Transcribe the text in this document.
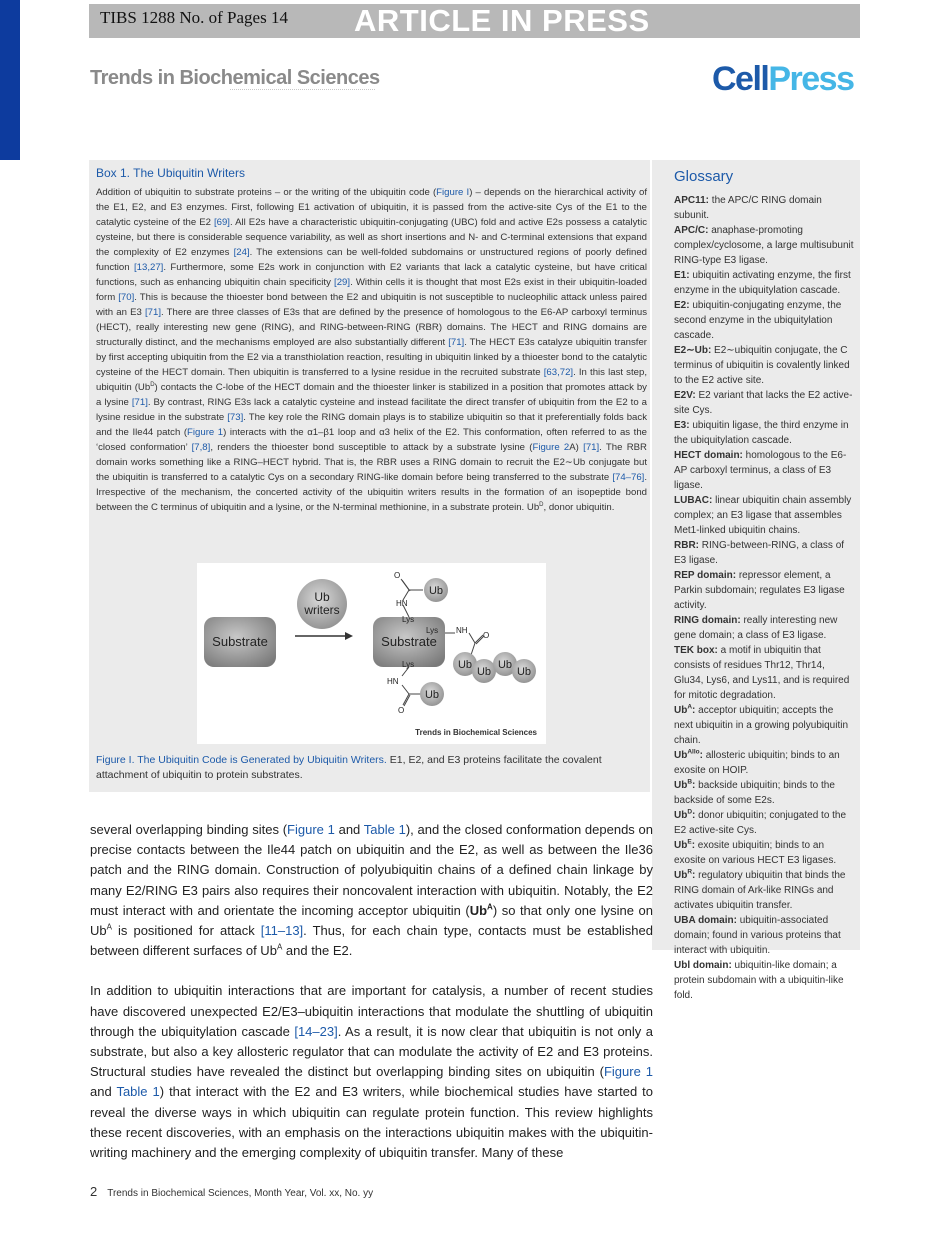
TIBS 1288 No. of Pages 14 ARTICLE IN PRESS
Trends in Biochemical Sciences	CellPress
Box 1. The Ubiquitin Writers
Addition of ubiquitin to substrate proteins – or the writing of the ubiquitin code (Figure I) – depends on the hierarchical activity of the E1, E2, and E3 enzymes. First, following E1 activation of ubiquitin, it is passed from the active-site Cys of the E1 to the catalytic cysteine of the E2 [69]. All E2s have a characteristic ubiquitin-conjugating (UBC) fold and active E2s possess a catalytic cysteine, but there is considerable sequence variability, as well as short insertions and N- and C-terminal extensions that expand the complexity of E2 enzymes [24]. The extensions can be well-folded subdomains or unstructured regions of poorly defined function [13,27]. Furthermore, some E2s work in conjunction with E2 variants that lack a catalytic cysteine, but have critical functions, such as enhancing ubiquitin chain specificity [29]. Within cells it is thought that most E2s exist in their ubiquitin-loaded form [70]. This is because the thioester bond between the E2 and ubiquitin is not susceptible to nucleophilic attack unless paired with an E3 [71]. There are three classes of E3s that are defined by the presence of homologous to the E6-AP carboxyl terminus (HECT), really interesting new gene (RING), and RING-between-RING (RBR) domains. The HECT and RING domains are structurally distinct, and the mechanisms employed are also substantially different [71]. The HECT E3s catalyze ubiquitin transfer by first accepting ubiquitin from the E2 via a transthiolation reaction, resulting in ubiquitin linked by a thioester bond to the catalytic cysteine of the HECT domain. Then ubiquitin is transferred to a lysine residue in the recruited substrate [63,72]. In this last step, ubiquitin $(Ub^D)$ contacts the C-lobe of the HECT domain and the thioester linker is stabilized in a position that promotes attack by a lysine [71]. By contrast, RING E3s lack a catalytic cysteine and instead facilitate the direct transfer of ubiquitin from the E2 to a lysine residue in the substrate [73]. The key role the RING domain plays is to stabilize ubiquitin so that it preferentially folds back and the Ile44 patch (Figure 1) interacts with the α1–β1 loop and α3 helix of the E2. This conformation, often referred to as the ‘closed conformation’ [7,8], renders the thioester bond susceptible to attack by a substrate lysine (Figure 2A) [71]. The RBR domain works something like a RING–HECT hybrid. That is, the RBR uses a RING domain to recruit the E2∼Ub conjugate but the ubiquitin is transferred to a catalytic Cys on a secondary RING-like domain before being transferred to the substrate [74–76]. Irrespective of the mechanism, the concerted activity of the ubiquitin writers results in the formation of an isopeptide bond between the C terminus of ubiquitin and a lysine, or the N-terminal methionine, in a substrate protein. $Ub^D$, donor ubiquitin.
Substrate
Ub
writers
Substrate
O
HN
Lys
Lys NH
O
Lys
HN
O
Ub
Ub
Ub
Ub
Ub
Ub
Trends in Biochemical Sciences
Figure I. The Ubiquitin Code is Generated by Ubiquitin Writers. E1, E2, and E3 proteins facilitate the covalent attachment of ubiquitin to protein substrates.
Glossary
APC11: the APC/C RING domain subunit.
APC/C: anaphase-promoting complex/cyclosome, a large multisubunit RING-type E3 ligase.
E1: ubiquitin activating enzyme, the first enzyme in the ubiquitylation cascade.
E2: ubiquitin-conjugating enzyme, the second enzyme in the ubiquitylation cascade.
E2∼Ub: E2∼ubiquitin conjugate, the C terminus of ubiquitin is covalently linked to the E2 active site.
E2V: E2 variant that lacks the E2 active-site Cys.
E3: ubiquitin ligase, the third enzyme in the ubiquitylation cascade.
HECT domain: homologous to the E6-AP carboxyl terminus, a class of E3 ligase.
LUBAC: linear ubiquitin chain assembly complex; an E3 ligase that assembles Met1-linked ubiquitin chains.
RBR: RING-between-RING, a class of E3 ligase.
REP domain: repressor element, a Parkin subdomain; regulates E3 ligase activity.
RING domain: really interesting new gene domain; a class of E3 ligase.
TEK box: a motif in ubiquitin that consists of residues Thr12, Thr14, Glu34, Lys6, and Lys11, and is required for mitotic degradation.
$Ub^A$: acceptor ubiquitin; accepts the next ubiquitin in a growing polyubiquitin chain.
$Ub^{Allo}$: allosteric ubiquitin; binds to an exosite on HOIP.
$Ub^B$: backside ubiquitin; binds to the backside of some E2s.
$Ub^D$: donor ubiquitin; conjugated to the E2 active-site Cys.
$Ub^E$: exosite ubiquitin; binds to an exosite on various HECT E3 ligases.
$Ub^R$: regulatory ubiquitin that binds the RING domain of Ark-like RINGs and activates ubiquitin transfer.
UBA domain: ubiquitin-associated domain; found in various proteins that interact with ubiquitin.
Ubl domain: ubiquitin-like domain; a protein subdomain with a ubiquitin-like fold.

several overlapping binding sites (Figure 1 and Table 1), and the closed conformation depends on precise contacts between the Ile44 patch on ubiquitin and the E2, as well as between the Ile36 patch and the RING domain. Construction of polyubiquitin chains of a defined chain linkage by many E2/RING E3 pairs also requires their noncovalent interaction with ubiquitin. Notably, the E2 must interact with and orientate the incoming acceptor ubiquitin $(Ub^A)$ so that only one lysine on $Ub^A$ is positioned for attack [11–13]. Thus, for each chain type, contacts must be established between different surfaces of $Ub^A$ and the E2.

In addition to ubiquitin interactions that are important for catalysis, a number of recent studies have discovered unexpected E2/E3–ubiquitin interactions that modulate the shuttling of ubiquitin through the ubiquitylation cascade [14–23]. As a result, it is now clear that ubiquitin is not only a substrate, but also a key allosteric regulator that can modulate the activity of E2 and E3 proteins. Structural studies have revealed the distinct but overlapping binding sites on ubiquitin (Figure 1 and Table 1) that interact with the E2 and E3 writers, while biochemical studies have started to reveal the diverse ways in which ubiquitin can regulate protein function. This review highlights these recent discoveries, with an emphasis on the interactions ubiquitin makes with the ubiquitin-writing machinery and the emerging complexity of ubiquitin transfer. Many of these

2 Trends in Biochemical Sciences, Month Year, Vol. xx, No. yy
